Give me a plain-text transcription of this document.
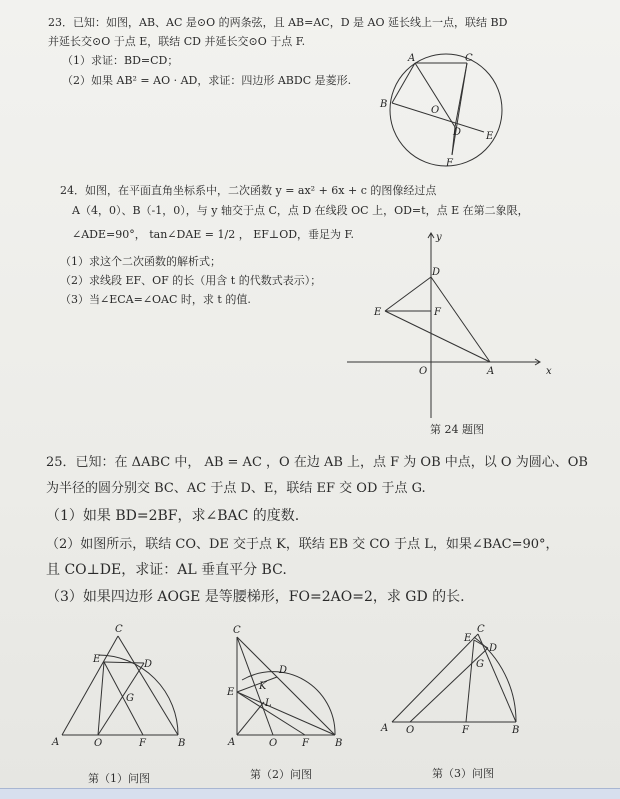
23．已知：如图，AB、AC 是⊙O 的两条弦，且 AB=AC，D 是 AO 延长线上一点，联结 BD
并延长交⊙O 于点 E，联结 CD 并延长交⊙O 于点 F.
（1）求证：BD=CD；
（2）如果 AB² = AO · AD，求证：四边形 ABDC 是菱形.
A	C
B
O
D E
F
24．如图，在平面直角坐标系中，二次函数 y = ax² + 6x + c 的图像经过点
A（4，0）、B（-1，0），与 y 轴交于点 C，点 D 在线段 OC 上，OD=t，点 E 在第二象限，
∠ADE=90°， tan∠DAE = 1/2 ， EF⊥OD，垂足为 F.
（1）求这个二次函数的解析式；
（2）求线段 EF、OF 的长（用含 t 的代数式表示）；
（3）当∠ECA=∠OAC 时，求 t 的值.
y
x
D
E	F
O	A
第 24 题图
25．已知：在 ΔABC 中， AB = AC ，O 在边 AB 上，点 F 为 OB 中点，以 O 为圆心、OB
为半径的圆分别交 BC、AC 于点 D、E，联结 EF 交 OD 于点 G.
（1）如果 BD=2BF，求∠BAC 的度数.
（2）如图所示，联结 CO、DE 交于点 K，联结 EB 交 CO 于点 L，如果∠BAC=90°，
且 CO⊥DE，求证：AL 垂直平分 BC.
（3）如果四边形 AOGE 是等腰梯形，FO=2AO=2，求 GD 的长.
C
E	D
G
A	O	F	B
C
D
E
K
L
A	O F	B
C
E
D
G
A O	F	B
第（1）问图	第（2）问图	第（3）问图
